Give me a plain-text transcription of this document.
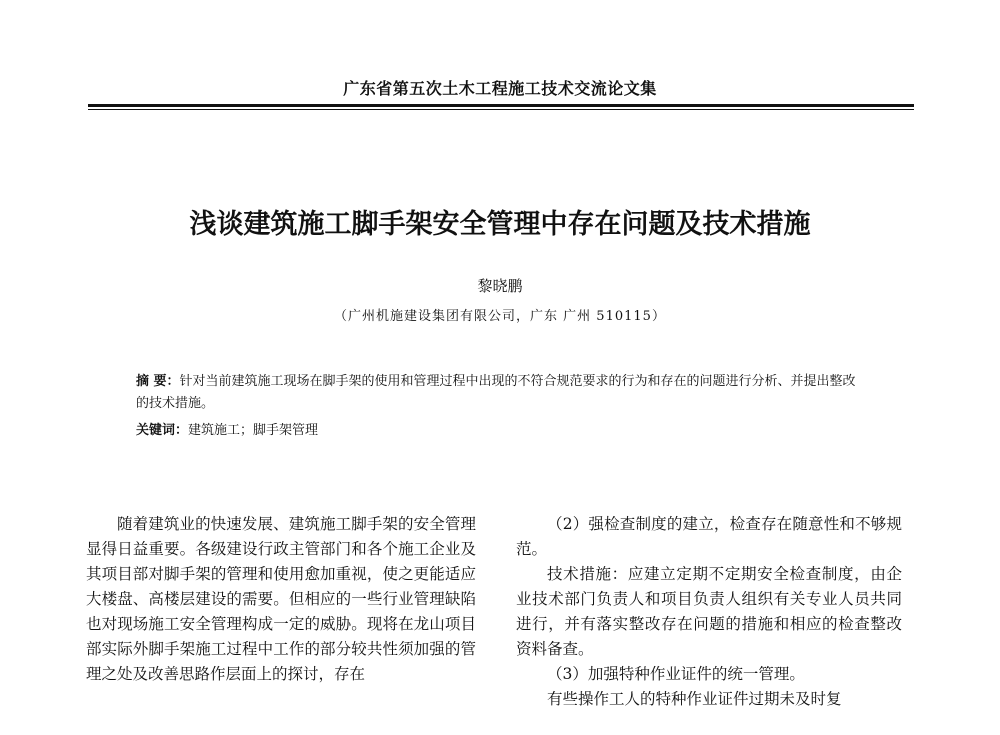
广东省第五次土木工程施工技术交流论文集
浅谈建筑施工脚手架安全管理中存在问题及技术措施
黎晓鹏
（广州机施建设集团有限公司，广东 广州 510115）
摘 要：针对当前建筑施工现场在脚手架的使用和管理过程中出现的不符合规范要求的行为和存在的问题进行分析、并提出整改的技术措施。
关键词：建筑施工；脚手架管理

随着建筑业的快速发展、建筑施工脚手架的安全管理显得日益重要。各级建设行政主管部门和各个施工企业及其项目部对脚手架的管理和使用愈加重视，使之更能适应大楼盘、高楼层建设的需要。但相应的一些行业管理缺陷也对现场施工安全管理构成一定的威胁。现将在龙山项目部实际外脚手架施工过程中工作的部分较共性须加强的管理之处及改善思路作层面上的探讨，存在

（2）强检查制度的建立，检查存在随意性和不够规范。

技术措施：应建立定期不定期安全检查制度，由企业技术部门负责人和项目负责人组织有关专业人员共同进行，并有落实整改存在问题的措施和相应的检查整改资料备查。

（3）加强特种作业证件的统一管理。

有些操作工人的特种作业证件过期未及时复
